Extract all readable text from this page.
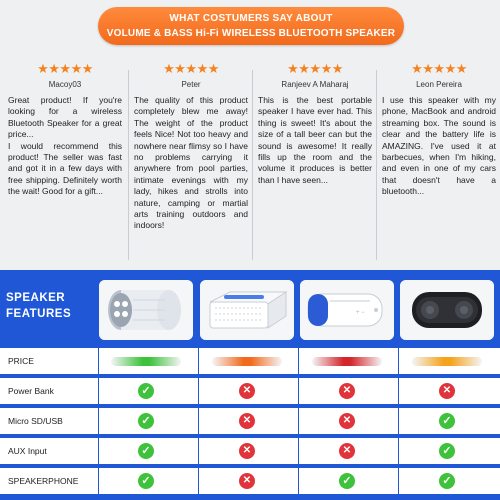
WHAT COSTUMERS SAY ABOUT
VOLUME & BASS Hi-Fi WIRELESS BLUETOOTH SPEAKER
★★★★★
Macoy03
Great product! If you're looking for a wireless Bluetooth Speaker for a great price...
I would recommend this product! The seller was fast and got it in a few days with free shipping. Definitely worth the wait! Good for a gift...
★★★★★
Peter
The quality of this product completely blew me away! The weight of the product feels Nice! Not too heavy and nowhere near flimsy so I have no problems carrying it anywhere from pool parties, intimate evenings with my lady, hikes and strolls into nature, camping or martial arts training outdoors and indoors!
★★★★★
Ranjeev A Maharaj
This is the best portable speaker I have ever had. This thing is sweet! It's about the size of a tall beer can but the sound is awesome! It really fills up the room and the volume it produces is better than I have seen...
★★★★★
Leon Pereira
I use this speaker with my phone, MacBook and android streaming box. The sound is clear and the battery life is AMAZING. I've used it at barbecues, when I'm hiking, and even in one of my cars that doesn't have a bluetooth...
SPEAKER
FEATURES	+ −
PRICE
Power Bank	✓	✕	✕	✕
Micro SD/USB	✓	✕	✕	✓
AUX Input	✓	✕	✕	✓
SPEAKERPHONE	✓	✕	✓	✓
